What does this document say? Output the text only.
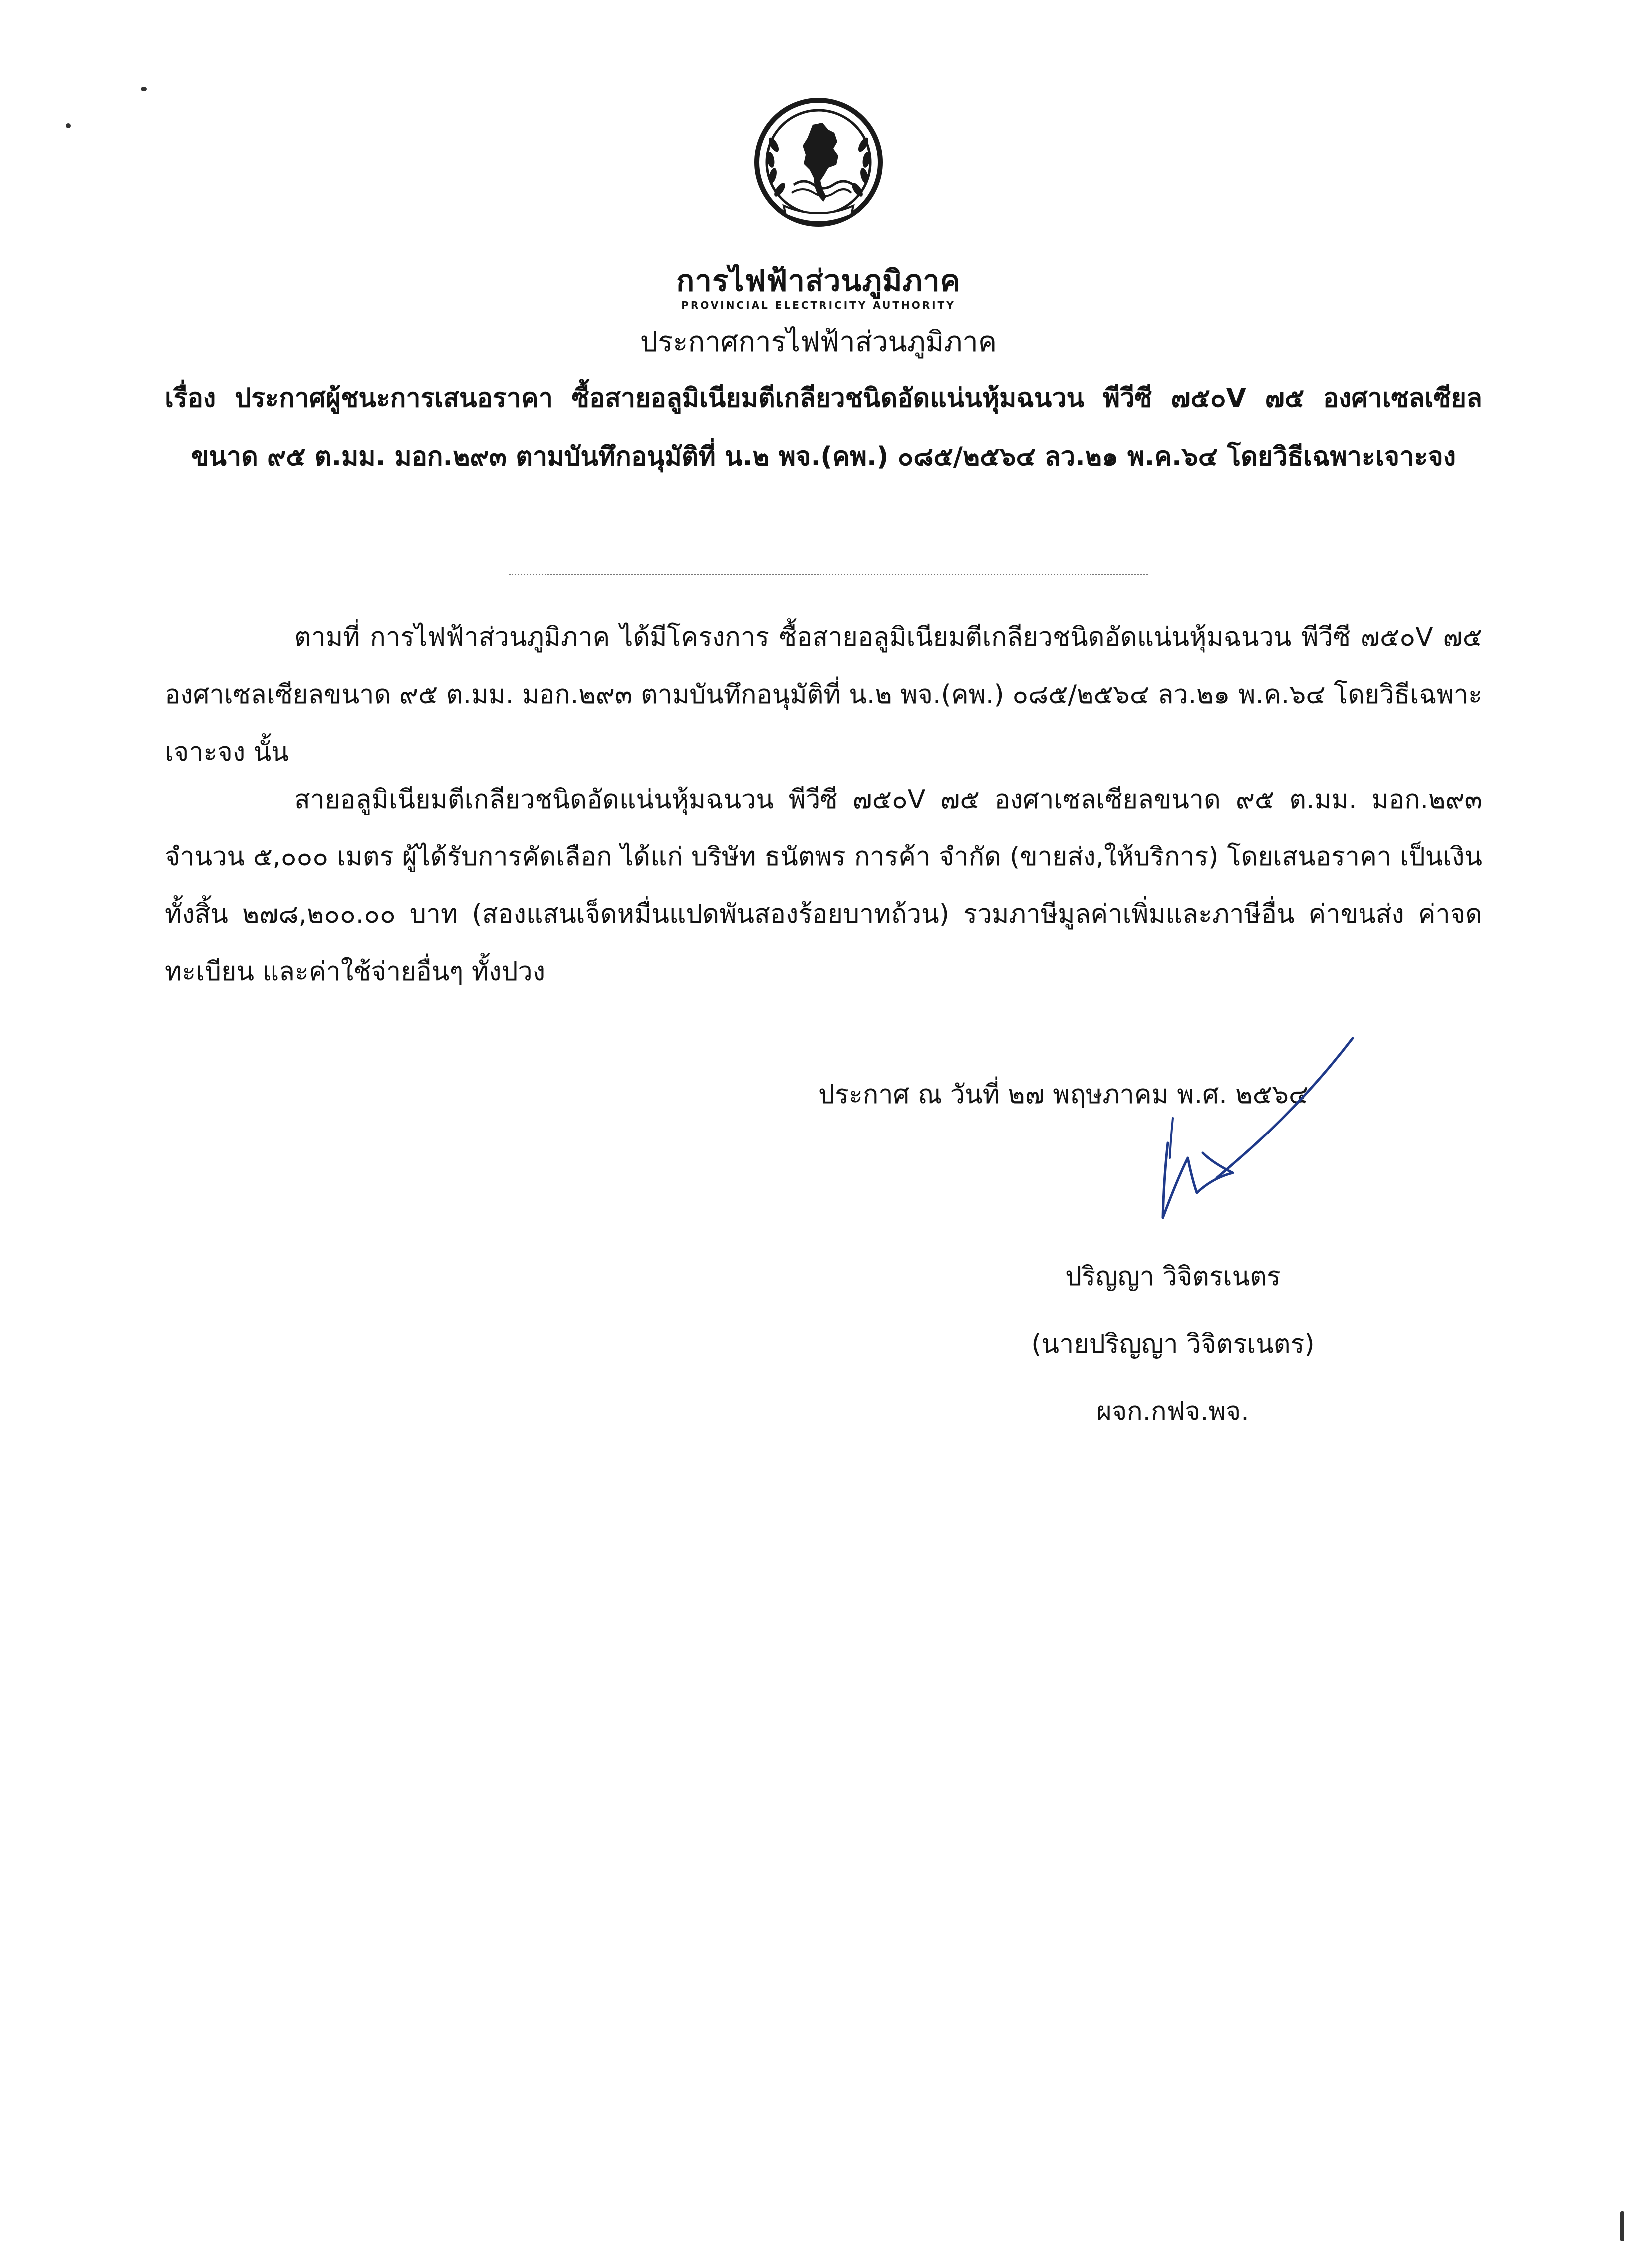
การไฟฟ้าส่วนภูมิภาค
PROVINCIAL ELECTRICITY AUTHORITY
ประกาศการไฟฟ้าส่วนภูมิภาค
เรื่อง ประกาศผู้ชนะการเสนอราคา ซื้อสายอลูมิเนียมตีเกลียวชนิดอัดแน่นหุ้มฉนวน พีวีซี ๗๕๐V ๗๕ องศาเซลเซียลขนาด ๙๕ ต.มม. มอก.๒๙๓ ตามบันทึกอนุมัติที่ น.๒ พจ.(คพ.) ๐๘๕/๒๕๖๔ ลว.๒๑ พ.ค.๖๔ โดยวิธีเฉพาะเจาะจง
ตามที่ การไฟฟ้าส่วนภูมิภาค ได้มีโครงการ ซื้อสายอลูมิเนียมตีเกลียวชนิดอัดแน่นหุ้มฉนวน พีวีซี ๗๕๐V ๗๕ องศาเซลเซียลขนาด ๙๕ ต.มม. มอก.๒๙๓ ตามบันทึกอนุมัติที่ น.๒ พจ.(คพ.) ๐๘๕/๒๕๖๔ ลว.๒๑ พ.ค.๖๔ โดยวิธีเฉพาะเจาะจง นั้น
สายอลูมิเนียมตีเกลียวชนิดอัดแน่นหุ้มฉนวน พีวีซี ๗๕๐V ๗๕ องศาเซลเซียลขนาด ๙๕ ต.มม. มอก.๒๙๓ จำนวน ๕,๐๐๐ เมตร ผู้ได้รับการคัดเลือก ได้แก่ บริษัท ธนัตพร การค้า จำกัด (ขายส่ง,ให้บริการ) โดยเสนอราคา เป็นเงินทั้งสิ้น ๒๗๘,๒๐๐.๐๐ บาท (สองแสนเจ็ดหมื่นแปดพันสองร้อยบาทถ้วน) รวมภาษีมูลค่าเพิ่มและภาษีอื่น ค่าขนส่ง ค่าจดทะเบียน และค่าใช้จ่ายอื่นๆ ทั้งปวง
ประกาศ ณ วันที่ ๒๗ พฤษภาคม พ.ศ. ๒๕๖๔
ปริญญา วิจิตรเนตร
(นายปริญญา วิจิตรเนตร)
ผจก.กฟจ.พจ.
